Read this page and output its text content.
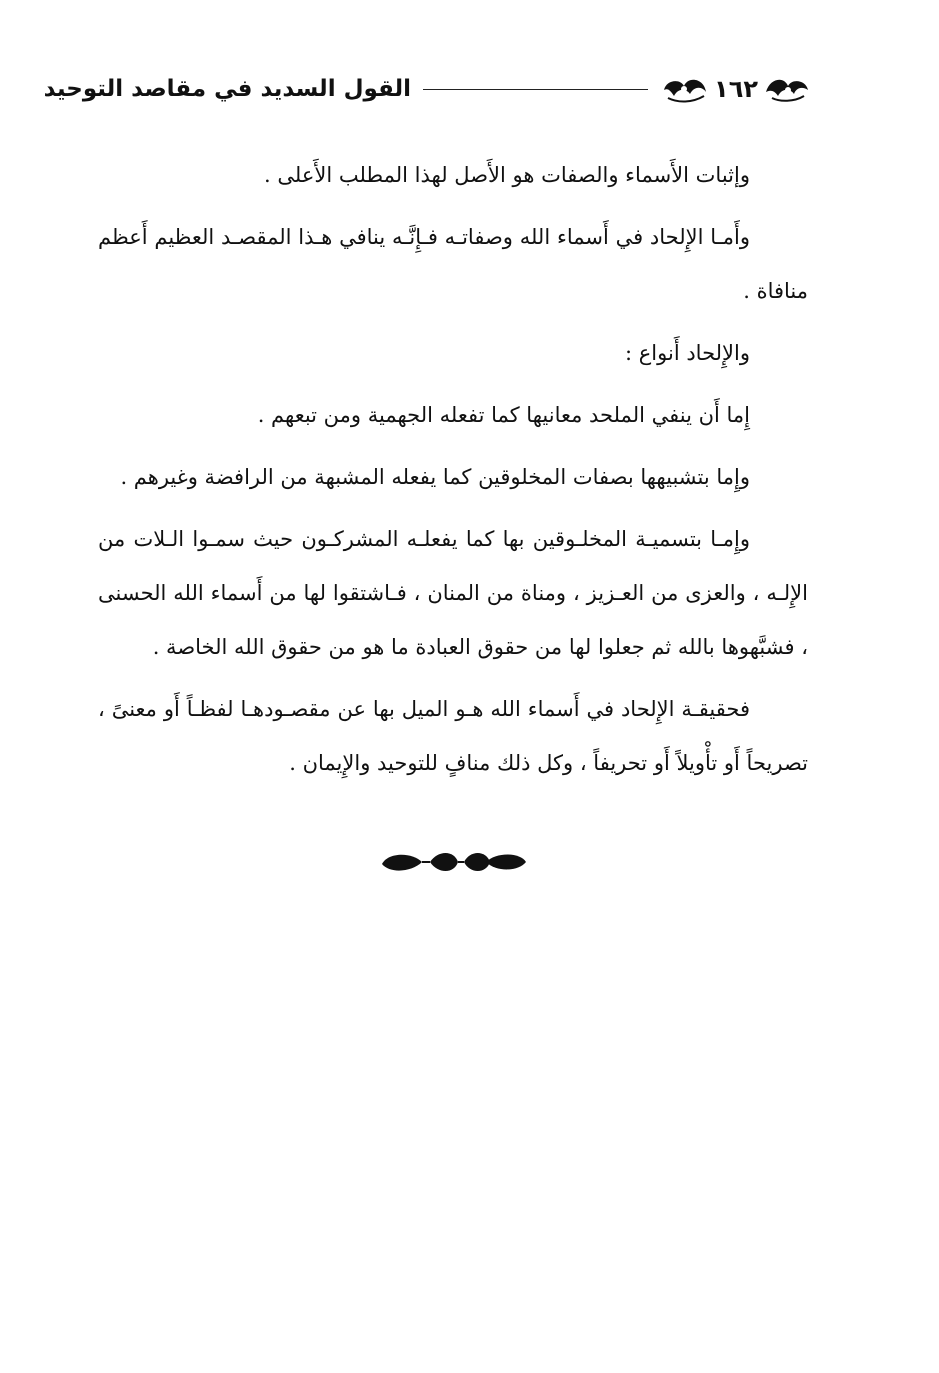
١٦٢
القول السديد في مقاصد التوحيد

وإثبات الأَسماء والصفات هو الأَصل لهذا المطلب الأَعلى .

وأَمـا الإِلحاد في أَسماء الله وصفاتـه فـإِنَّـه ينافي هـذا المقصـد العظيم أَعظم منافاة .

والإِلحاد أَنواع :

إِما أَن ينفي الملحد معانيها كما تفعله الجهمية ومن تبعهم .

وإِما بتشبيهها بصفات المخلوقين كما يفعله المشبهة من الرافضة وغيرهم .

وإِمـا بتسميـة المخلـوقين بها كما يفعلـه المشركـون حيث سمـوا الـلات من الإِلـه ، والعزى من العـزيز ، ومناة من المنان ، فـاشتقوا لها من أَسماء الله الحسنى ، فشبَّهوها بالله ثم جعلوا لها من حقوق العبادة ما هو من حقوق الله الخاصة .

فحقيقـة الإِلحاد في أَسماء الله هـو الميل بها عن مقصـودهـا لفظـاً أَو معنىً ، تصريحاً أَو تأْويلاً أَو تحريفاً ، وكل ذلك منافٍ للتوحيد والإِيمان .
